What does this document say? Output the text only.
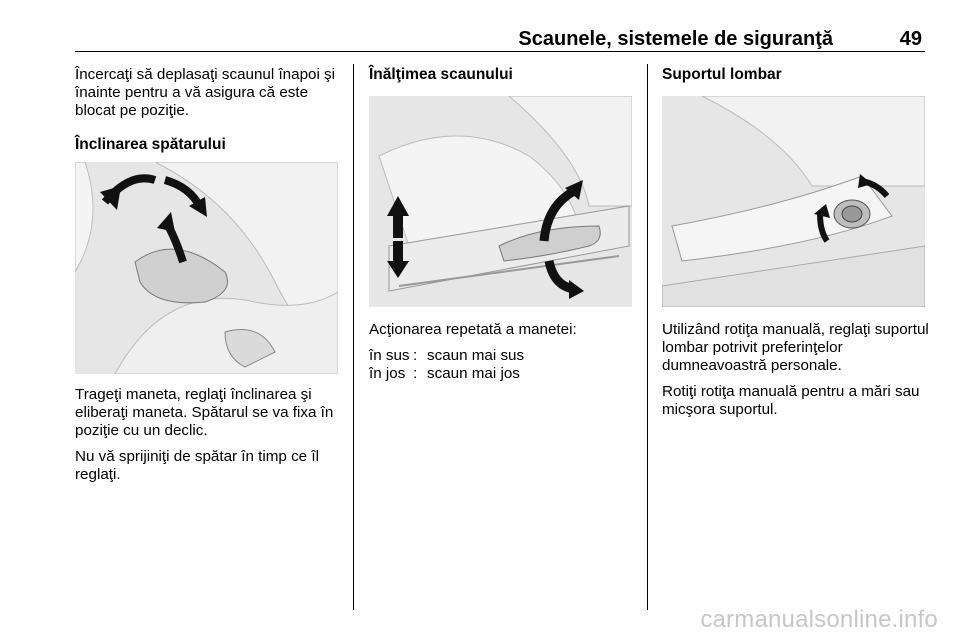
Scaunele, sistemele de siguranţă	49

Încercaţi să deplasaţi scaunul înapoi şi înainte pentru a vă asigura că este blocat pe poziţie.

Înclinarea spătarului

Trageţi maneta, reglaţi înclinarea şi eliberaţi maneta. Spătarul se va fixa în poziţie cu un declic.

Nu vă sprijiniţi de spătar în timp ce îl reglaţi.

Înălţimea scaunului

Acţionarea repetată a manetei:

în sus : scaun mai sus
în jos : scaun mai jos
Suportul lombar

Utilizând rotiţa manuală, reglaţi suportul lombar potrivit preferinţelor dumneavoastră personale.

Rotiţi rotiţa manuală pentru a mări sau micşora suportul.

carmanualsonline.info
